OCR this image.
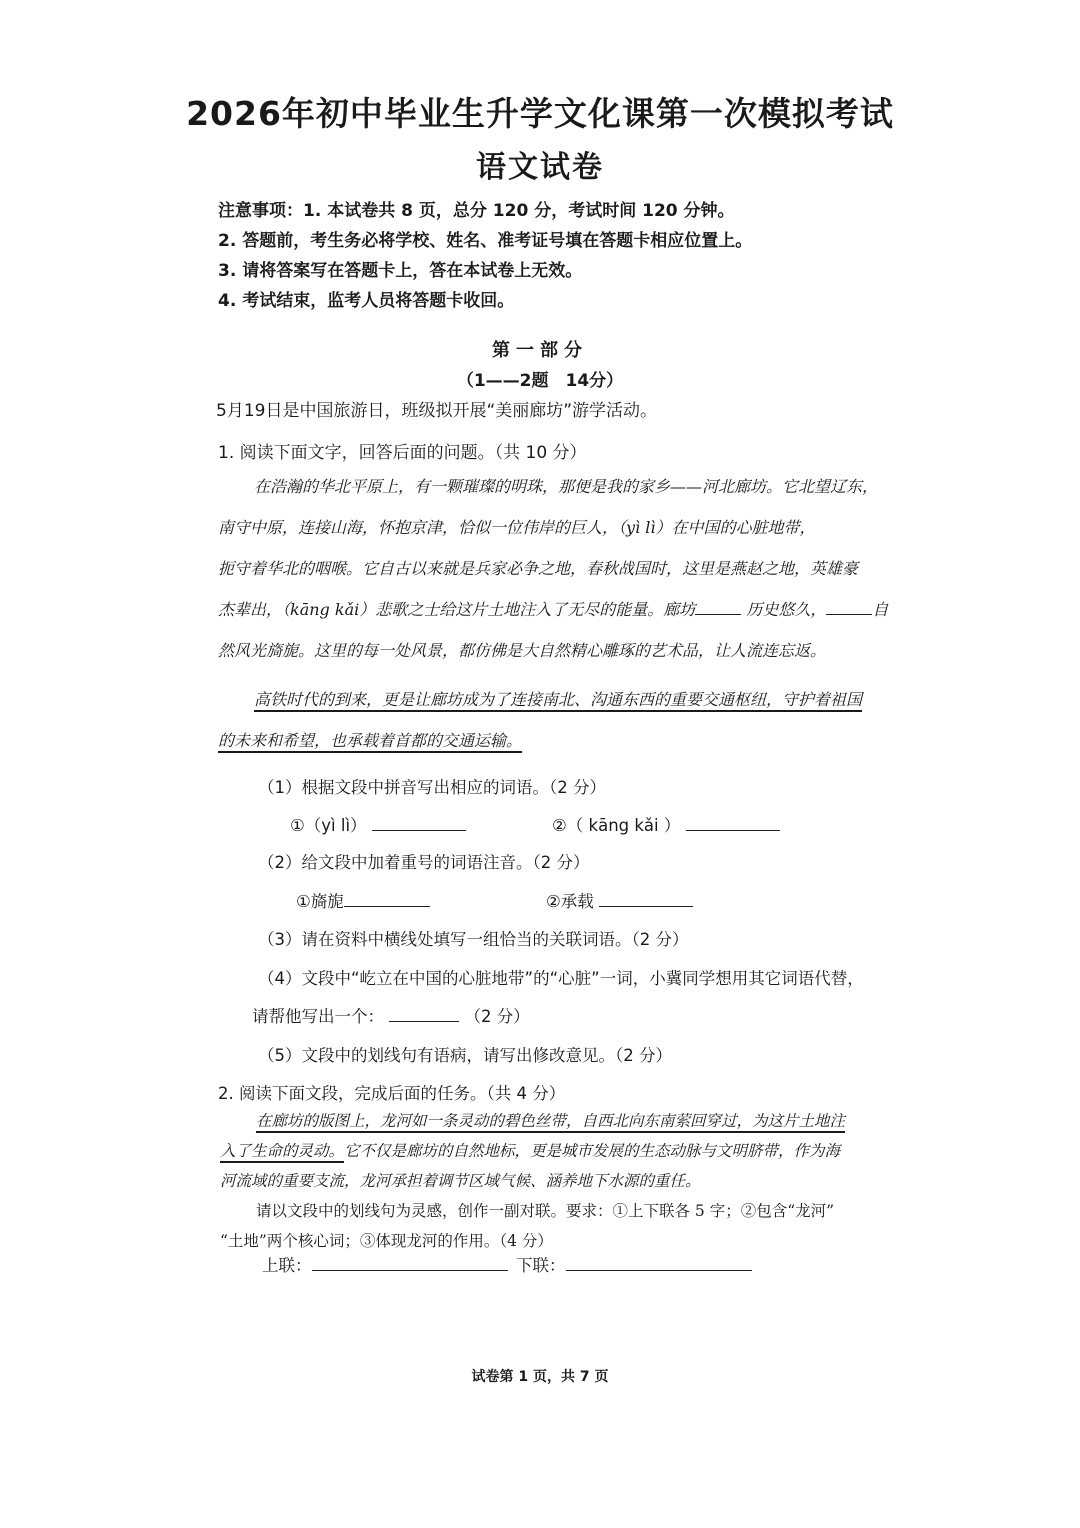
2026年初中毕业生升学文化课第一次模拟考试
语文试卷
注意事项：1. 本试卷共 8 页，总分 120 分，考试时间 120 分钟。
2. 答题前，考生务必将学校、姓名、准考证号填在答题卡相应位置上。
3. 请将答案写在答题卡上，答在本试卷上无效。
4. 考试结束，监考人员将答题卡收回。
第一部分
（1——2题　14分）
5月19日是中国旅游日，班级拟开展“美丽廊坊”游学活动。
1. 阅读下面文字，回答后面的问题。（共 10 分）
在浩瀚的华北平原上，有一颗璀璨的明珠，那便是我的家乡——河北廊坊。它北望辽东，
南守中原，连接山海，怀抱京津，恰似一位伟岸的巨人，（yì lì）在中国的心脏地带，
扼守着华北的咽喉。它自古以来就是兵家必争之地，春秋战国时，这里是燕赵之地，英雄豪
杰辈出，（kāng kǎi）悲歌之士给这片土地注入了无尽的能量。廊坊	历史悠久，	自
然风光旖旎。这里的每一处风景，都仿佛是大自然精心雕琢的艺术品，让人流连忘返。
高铁时代的到来，更是让廊坊成为了连接南北、沟通东西的重要交通枢纽，守护着祖国
的未来和希望，也承载着首都的交通运输。
（1）根据文段中拼音写出相应的词语。（2 分）
①（yì lì）	②（ kāng kǎi ）
（2）给文段中加着重号的词语注音。（2 分）
①旖旎	②承载
（3）请在资料中横线处填写一组恰当的关联词语。（2 分）
（4）文段中“屹立在中国的心脏地带”的“心脏”一词，小冀同学想用其它词语代替，
请帮他写出一个：	（2 分）
（5）文段中的划线句有语病，请写出修改意见。（2 分）
2. 阅读下面文段，完成后面的任务。（共 4 分）
在廊坊的版图上，龙河如一条灵动的碧色丝带，自西北向东南萦回穿过，为这片土地注
入了生命的灵动。它不仅是廊坊的自然地标，更是城市发展的生态动脉与文明脐带，作为海
河流域的重要支流，龙河承担着调节区域气候、涵养地下水源的重任。
请以文段中的划线句为灵感，创作一副对联。要求：①上下联各 5 字；②包含“龙河”
“土地”两个核心词；③体现龙河的作用。（4 分）
上联：	下联：
试卷第 1 页，共 7 页
